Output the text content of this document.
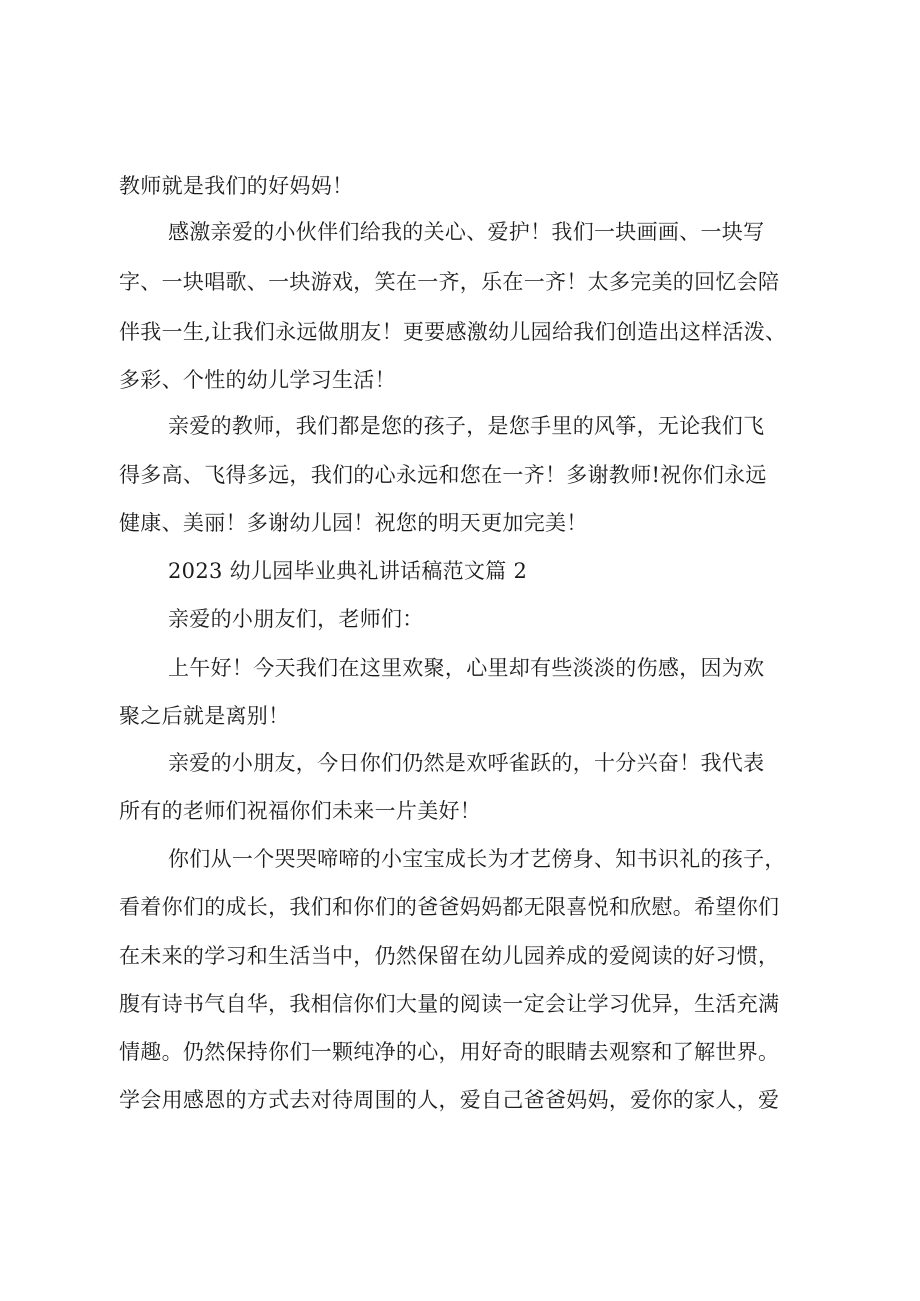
教师就是我们的好妈妈！
感激亲爱的小伙伴们给我的关心、爱护！我们一块画画、一块写
字、一块唱歌、一块游戏，笑在一齐，乐在一齐！太多完美的回忆会陪
伴我一生,让我们永远做朋友！更要感激幼儿园给我们创造出这样活泼、
多彩、个性的幼儿学习生活！
亲爱的教师，我们都是您的孩子，是您手里的风筝，无论我们飞
得多高、飞得多远，我们的心永远和您在一齐！多谢教师!祝你们永远
健康、美丽！多谢幼儿园！祝您的明天更加完美！
2023 幼儿园毕业典礼讲话稿范文篇 2
亲爱的小朋友们，老师们：
上午好！今天我们在这里欢聚，心里却有些淡淡的伤感，因为欢
聚之后就是离别！
亲爱的小朋友，今日你们仍然是欢呼雀跃的，十分兴奋！我代表
所有的老师们祝福你们未来一片美好！
你们从一个哭哭啼啼的小宝宝成长为才艺傍身、知书识礼的孩子，
看着你们的成长，我们和你们的爸爸妈妈都无限喜悦和欣慰。希望你们
在未来的学习和生活当中，仍然保留在幼儿园养成的爱阅读的好习惯，
腹有诗书气自华，我相信你们大量的阅读一定会让学习优异，生活充满
情趣。仍然保持你们一颗纯净的心，用好奇的眼睛去观察和了解世界。
学会用感恩的方式去对待周围的人，爱自己爸爸妈妈，爱你的家人，爱
